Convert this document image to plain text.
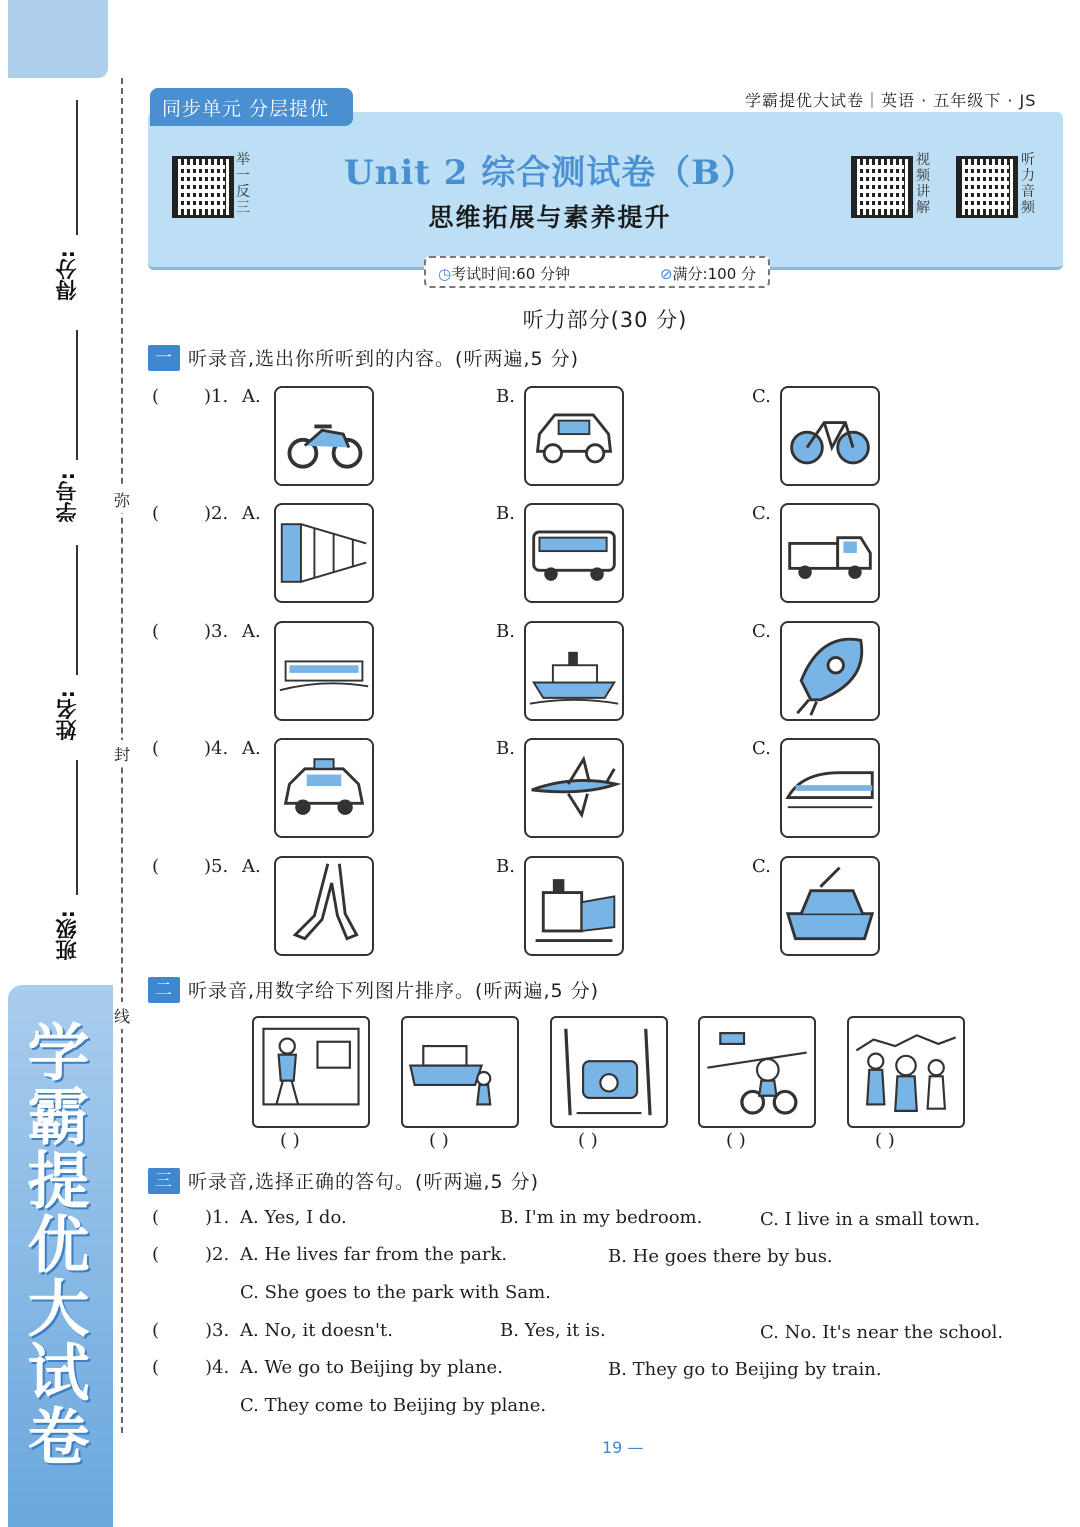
学霸提优大试卷
得分:
学号:
姓名:
班级:
弥
封
线
学霸提优大试卷｜英语 · 五年级下 · JS
同步单元 分层提优
举一反三
视频讲解
听力音频
Unit 2 综合测试卷（B）
思维拓展与素养提升
◷考试时间:60 分钟	⊘满分:100 分
听力部分(30 分)
一 听录音,选出你所听到的内容。(听两遍,5 分)
( )1. A.	B.	C.
( )2. A.	B.	C.
( )3. A.	B.	C.
( )4. A.	B.	C.
( )5. A.	B.	C.
二 听录音,用数字给下列图片排序。(听两遍,5 分)
( )	( )	( )	( )	( )
三 听录音,选择正确的答句。(听两遍,5 分)
(	)1. A. Yes, I do.	B. I'm in my bedroom.	C. I live in a small town.
(	)2. A. He lives far from the park.	B. He goes there by bus.
C. She goes to the park with Sam.
(	)3. A. No, it doesn't.	B. Yes, it is.	C. No. It's near the school.
(	)4. A. We go to Beijing by plane.	B. They go to Beijing by train.
C. They come to Beijing by plane.
19 —
